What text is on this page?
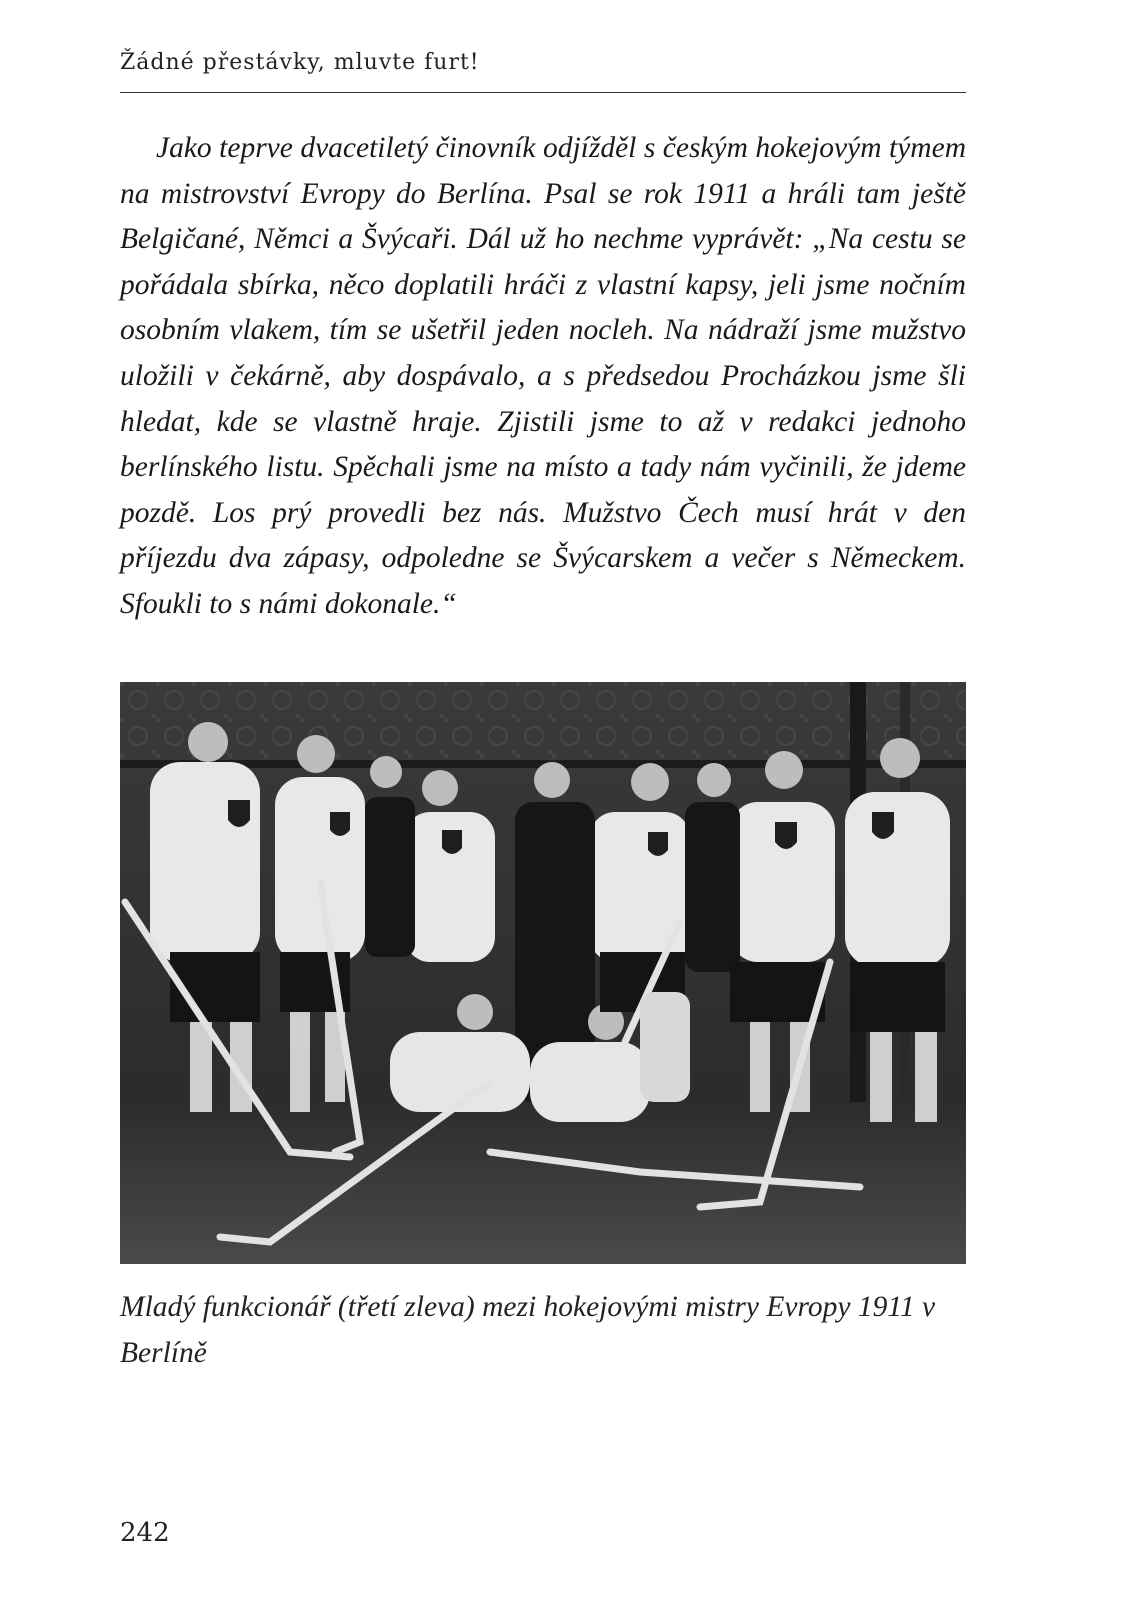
Žádné přestávky, mluvte furt!

Jako teprve dvacetiletý činovník odjížděl s českým hokejovým týmem na mistrovství Evropy do Berlína. Psal se rok 1911 a hráli tam ještě Belgičané, Němci a Švýcaři. Dál už ho nechme vyprávět: „Na cestu se pořádala sbírka, něco doplatili hráči z vlastní kapsy, jeli jsme nočním osobním vlakem, tím se ušetřil jeden nocleh. Na nádraží jsme mužstvo uložili v čekárně, aby dospávalo, a s předsedou Procházkou jsme šli hledat, kde se vlastně hraje. Zjistili jsme to až v redakci jednoho berlínského listu. Spěchali jsme na místo a tady nám vyčinili, že jdeme pozdě. Los prý provedli bez nás. Mužstvo Čech musí hrát v den příjezdu dva zápasy, odpoledne se Švýcarskem a večer s Německem. Sfoukli to s námi dokonale.“

Mladý funkcionář (třetí zleva) mezi hokejovými mistry Evropy 1911 v Berlíně

242
